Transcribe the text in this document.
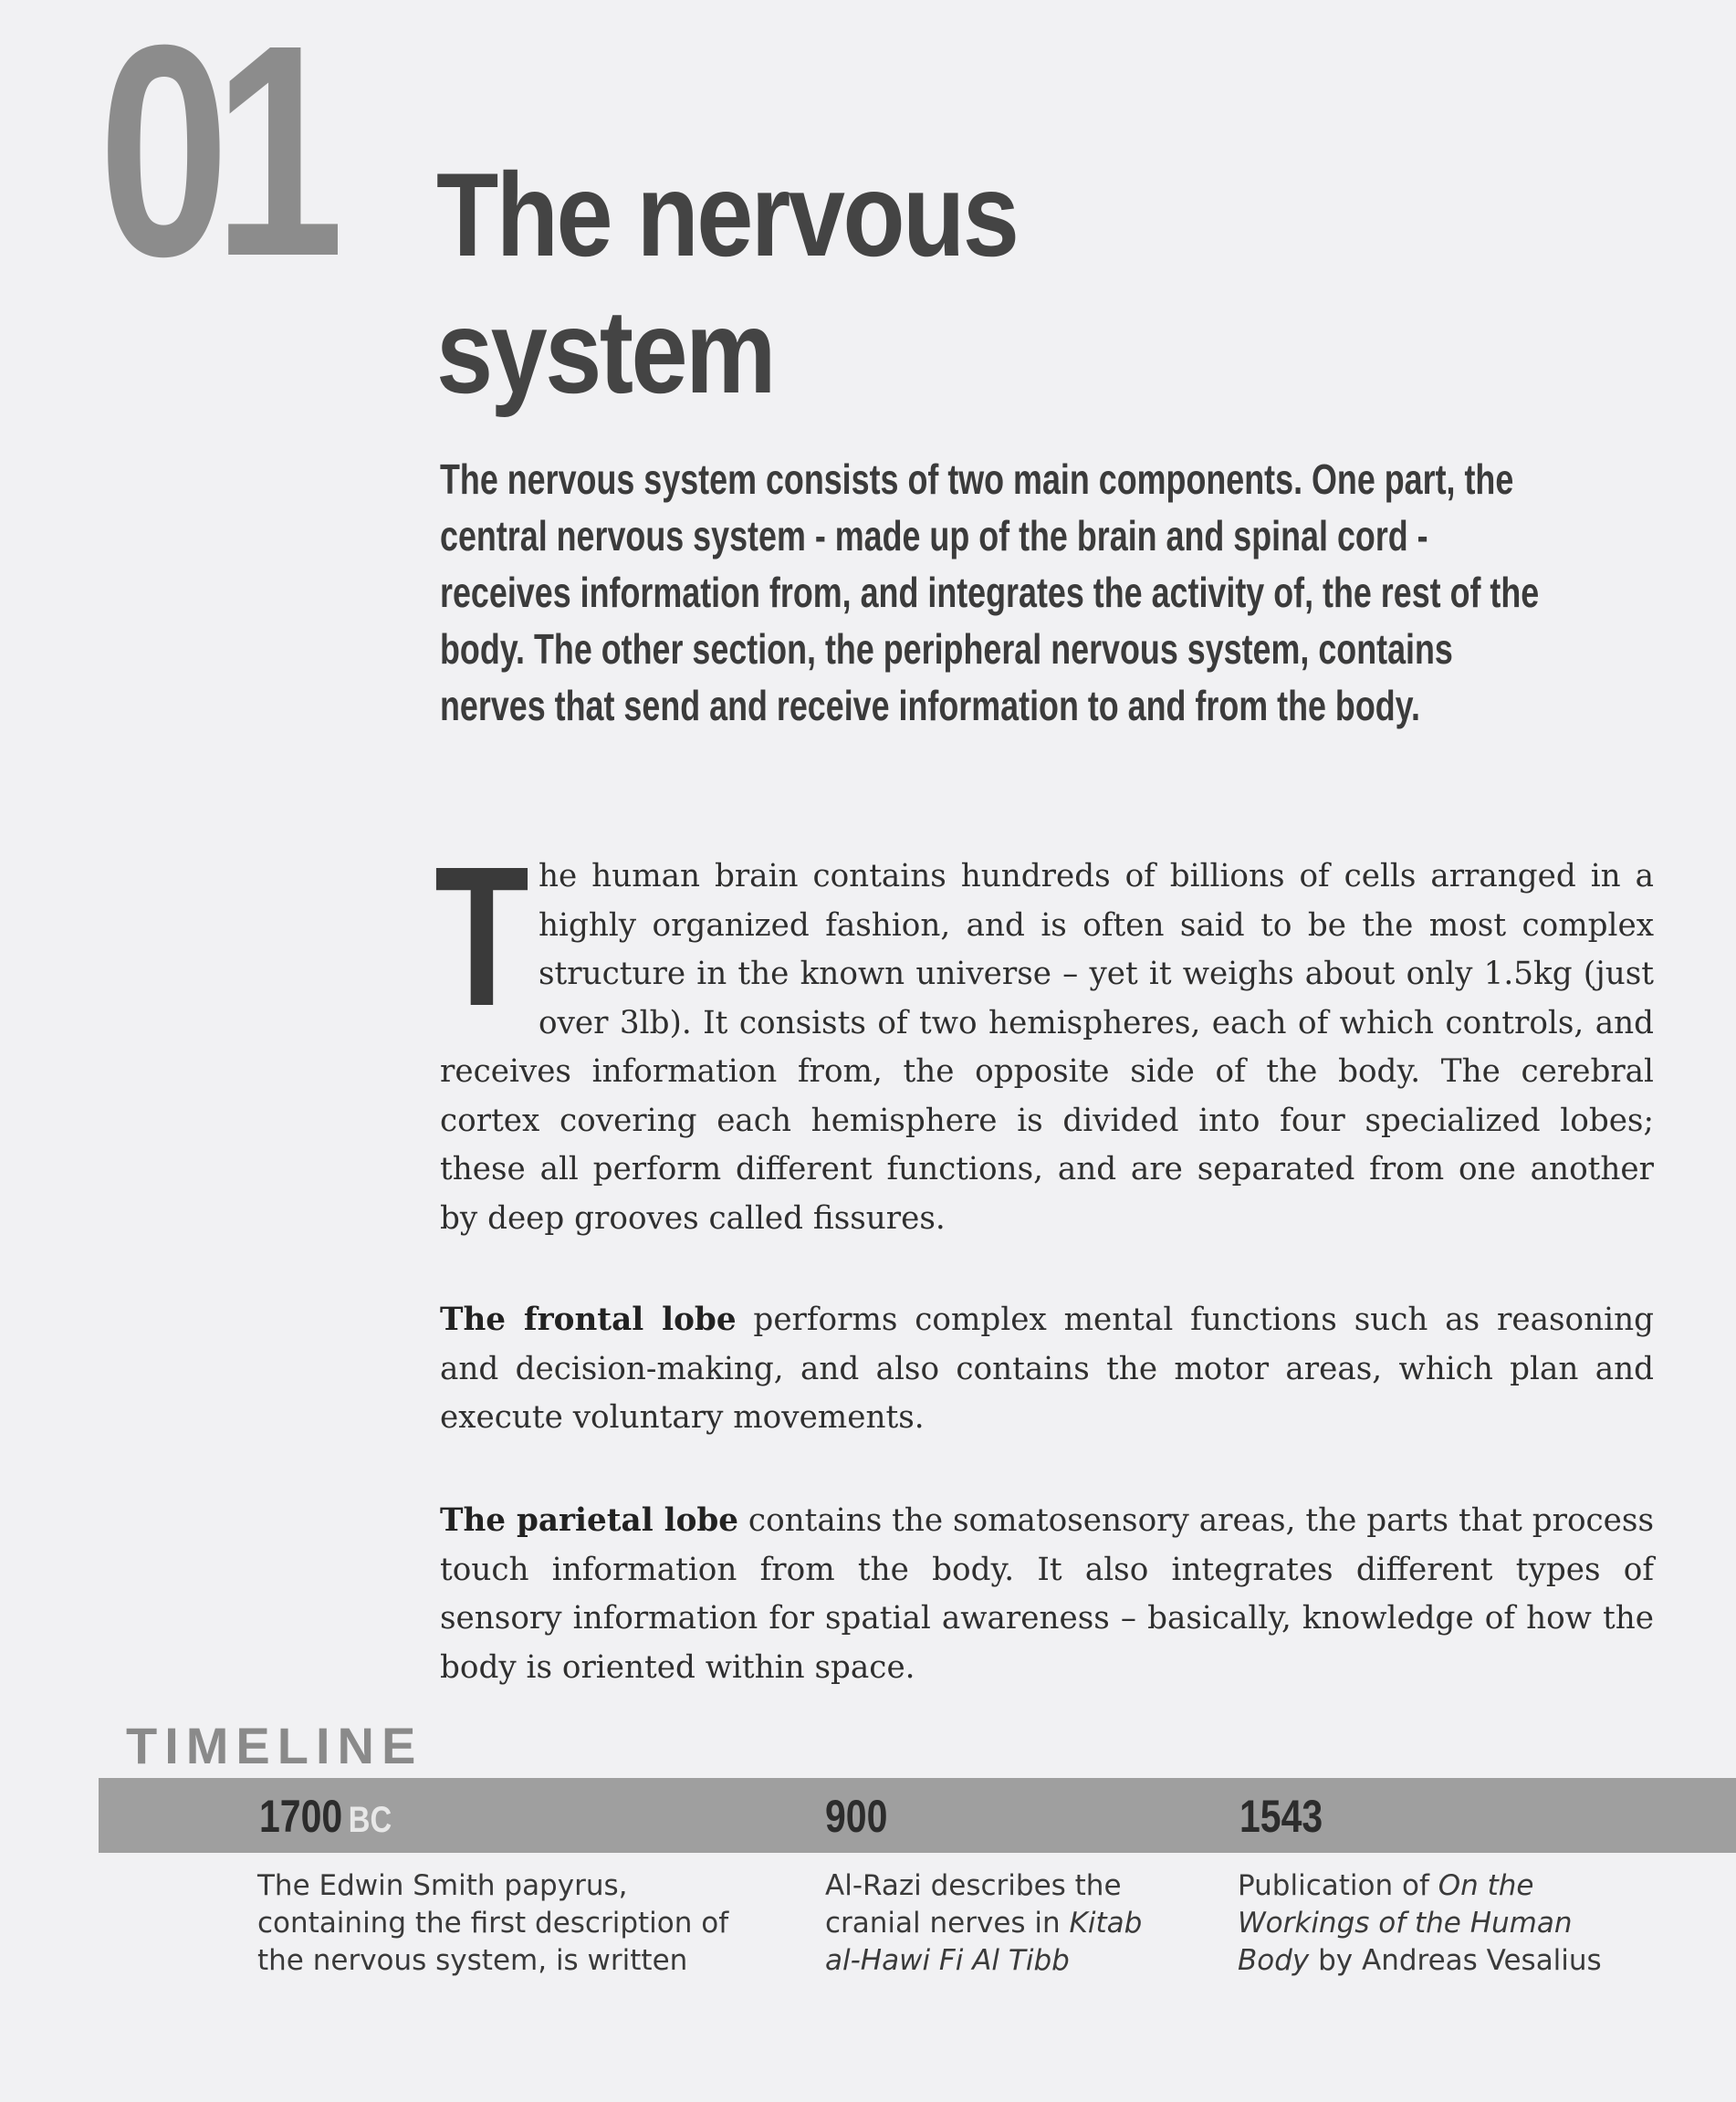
01 The nervous system
The nervous system consists of two main components. One part, the central nervous system - made up of the brain and spinal cord - receives information from, and integrates the activity of, the rest of the body. The other section, the peripheral nervous system, contains nerves that send and receive information to and from the body.
The human brain contains hundreds of billions of cells arranged in a highly organized fashion, and is often said to be the most complex structure in the known universe – yet it weighs about only 1.5kg (just over 3lb). It consists of two hemispheres, each of which controls, and receives information from, the opposite side of the body. The cerebral cortex covering each hemisphere is divided into four specialized lobes; these all perform different functions, and are separated from one another by deep grooves called fissures.
The frontal lobe performs complex mental functions such as reasoning and decision-making, and also contains the motor areas, which plan and execute voluntary movements.
The parietal lobe contains the somatosensory areas, the parts that process touch information from the body. It also integrates different types of sensory information for spatial awareness – basically, knowledge of how the body is oriented within space.
TIMELINE
1700 BC	900	1543
The Edwin Smith papyrus, containing the first description of the nervous system, is written
Al-Razi describes the cranial nerves in Kitab al-Hawi Fi Al Tibb
Publication of On the Workings of the Human Body by Andreas Vesalius
